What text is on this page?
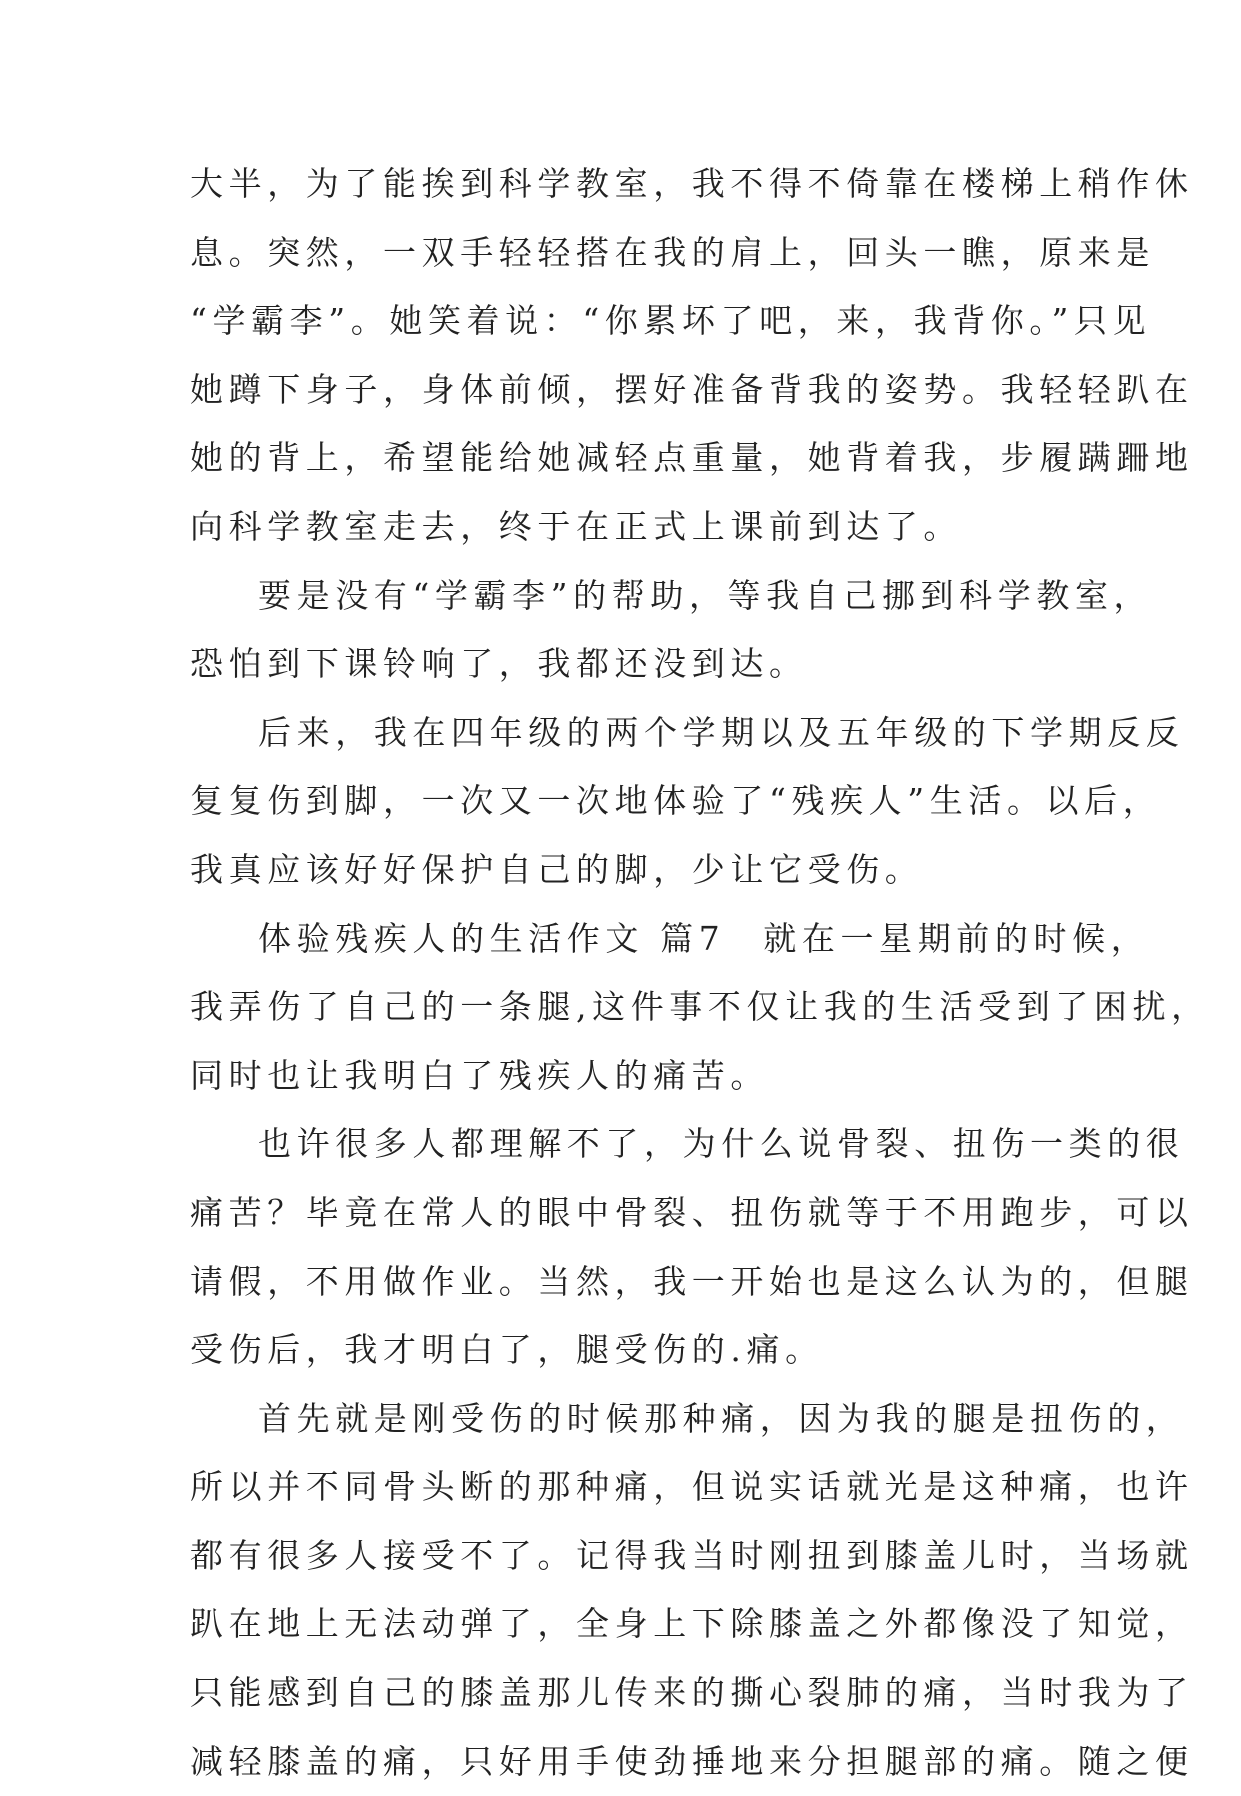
大半，为了能挨到科学教室，我不得不倚靠在楼梯上稍作休
息。突然，一双手轻轻搭在我的肩上，回头一瞧，原来是
“学霸李”。她笑着说：“你累坏了吧，来，我背你。”只见
她蹲下身子，身体前倾，摆好准备背我的姿势。我轻轻趴在
她的背上，希望能给她减轻点重量，她背着我，步履蹒跚地
向科学教室走去，终于在正式上课前到达了。
要是没有“学霸李”的帮助，等我自己挪到科学教室，
恐怕到下课铃响了，我都还没到达。
后来，我在四年级的两个学期以及五年级的下学期反反
复复伤到脚，一次又一次地体验了“残疾人”生活。以后，
我真应该好好保护自己的脚，少让它受伤。
体验残疾人的生活作文 篇7 就在一星期前的时候，
我弄伤了自己的一条腿,这件事不仅让我的生活受到了困扰，
同时也让我明白了残疾人的痛苦。
也许很多人都理解不了，为什么说骨裂、扭伤一类的很
痛苦？毕竟在常人的眼中骨裂、扭伤就等于不用跑步，可以
请假，不用做作业。当然，我一开始也是这么认为的，但腿
受伤后，我才明白了，腿受伤的.痛。
首先就是刚受伤的时候那种痛，因为我的腿是扭伤的，
所以并不同骨头断的那种痛，但说实话就光是这种痛，也许
都有很多人接受不了。记得我当时刚扭到膝盖儿时，当场就
趴在地上无法动弹了，全身上下除膝盖之外都像没了知觉，
只能感到自己的膝盖那儿传来的撕心裂肺的痛，当时我为了
减轻膝盖的痛，只好用手使劲捶地来分担腿部的痛。随之便
